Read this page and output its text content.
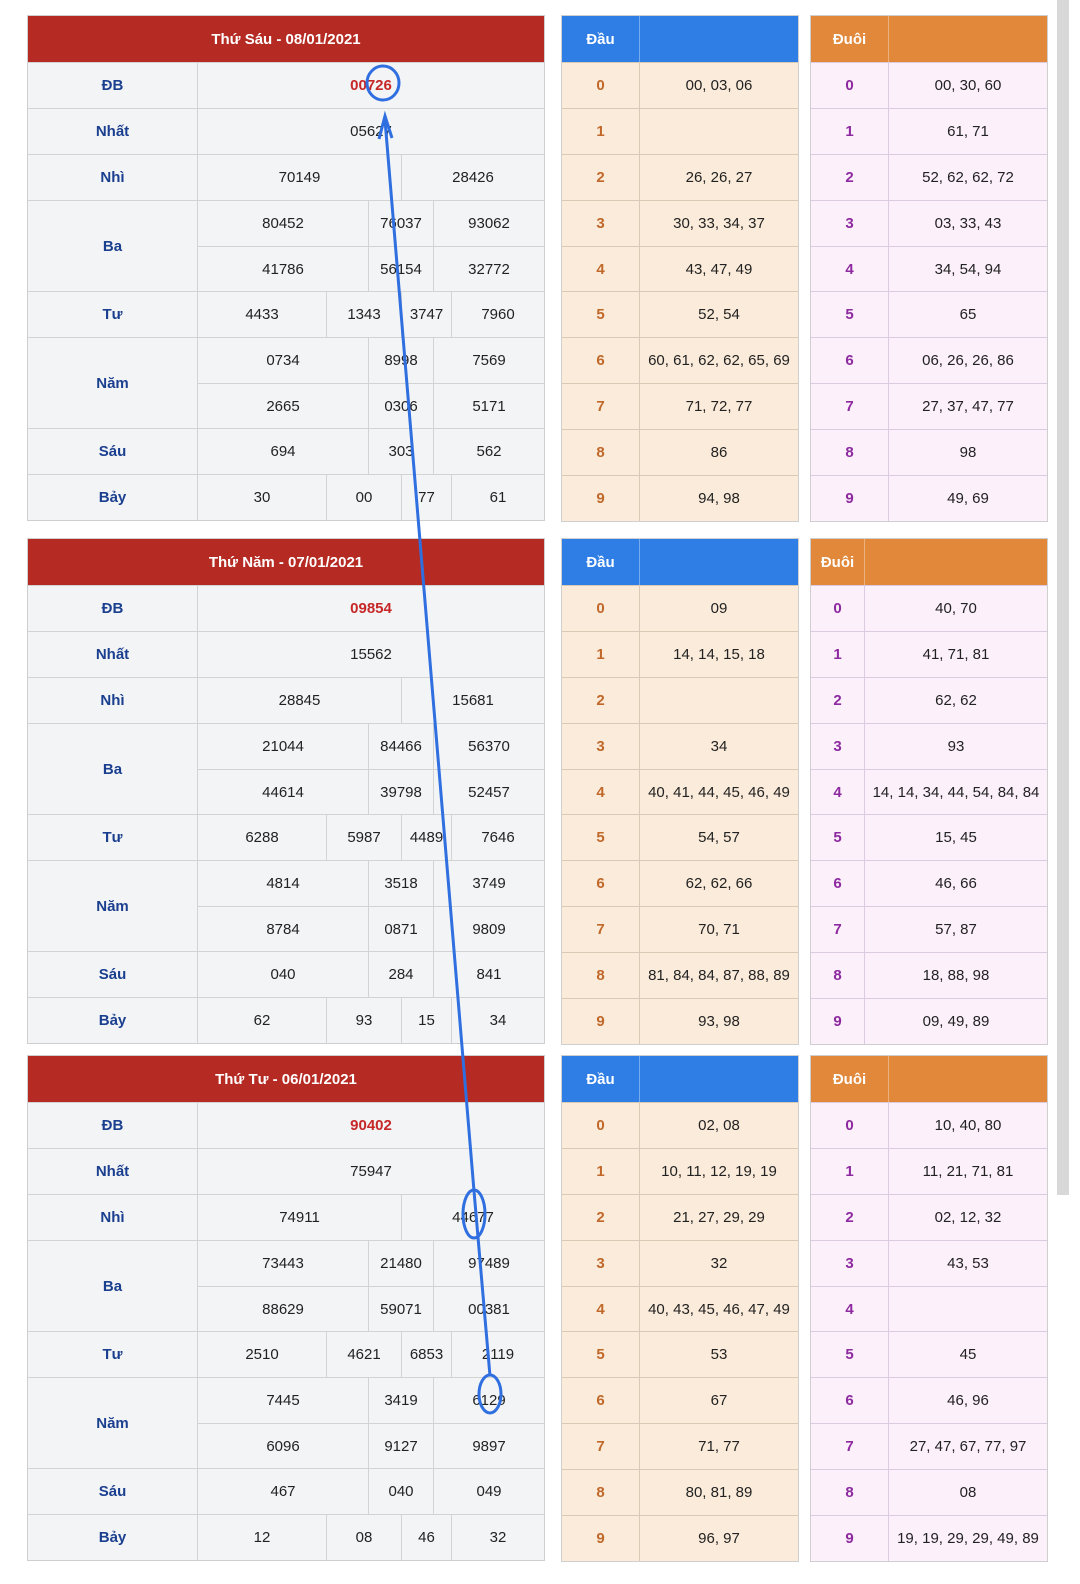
Thứ Sáu - 08/01/2021
ĐB	00726
Nhất	05627
Nhì	70149	28426
Ba
80452	76037	93062
41786	56154	32772
Tư	4433	1343	3747	7960
Năm
0734	8998	7569
2665	0306	5171
Sáu	694	303	562
Bảy	30	00	77	61
Đầu
0	00, 03, 06
1
2	26, 26, 27
3	30, 33, 34, 37
4	43, 47, 49
5	52, 54
6	60, 61, 62, 62, 65, 69
7	71, 72, 77
8	86
9	94, 98
Đuôi
0	00, 30, 60
1	61, 71
2	52, 62, 62, 72
3	03, 33, 43
4	34, 54, 94
5	65
6	06, 26, 26, 86
7	27, 37, 47, 77
8	98
9	49, 69
Thứ Năm - 07/01/2021
ĐB	09854
Nhất	15562
Nhì	28845	15681
Ba
21044	84466	56370
44614	39798	52457
Tư	6288	5987	4489	7646
Năm
4814	3518	3749
8784	0871	9809
Sáu	040	284	841
Bảy	62	93	15	34
Đầu
0	09
1	14, 14, 15, 18
2
3	34
4	40, 41, 44, 45, 46, 49
5	54, 57
6	62, 62, 66
7	70, 71
8	81, 84, 84, 87, 88, 89
9	93, 98
Đuôi
0	40, 70
1	41, 71, 81
2	62, 62
3	93
4	14, 14, 34, 44, 54, 84, 84
5	15, 45
6	46, 66
7	57, 87
8	18, 88, 98
9	09, 49, 89
Thứ Tư - 06/01/2021
ĐB	90402
Nhất	75947
Nhì	74911	44677
Ba
73443	21480	97489
88629	59071	00381
Tư	2510	4621	6853	2119
Năm
7445	3419	6129
6096	9127	9897
Sáu	467	040	049
Bảy	12	08	46	32
Đầu
0	02, 08
1	10, 11, 12, 19, 19
2	21, 27, 29, 29
3	32
4	40, 43, 45, 46, 47, 49
5	53
6	67
7	71, 77
8	80, 81, 89
9	96, 97
Đuôi
0	10, 40, 80
1	11, 21, 71, 81
2	02, 12, 32
3	43, 53
4
5	45
6	46, 96
7	27, 47, 67, 77, 97
8	08
9	19, 19, 29, 29, 49, 89
